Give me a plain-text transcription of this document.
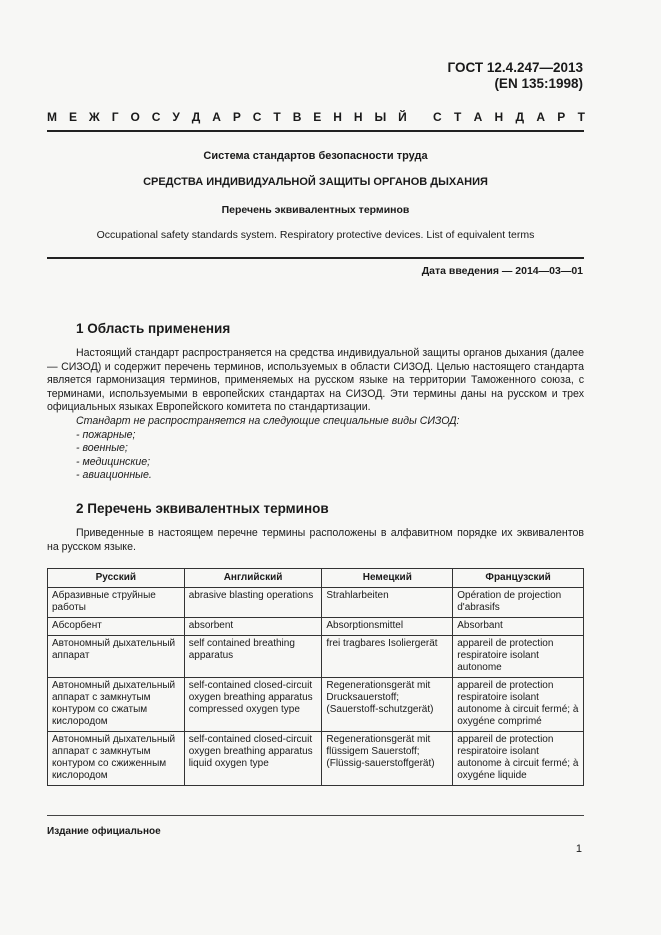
ГОСТ 12.4.247—2013
(EN 135:1998)
М Е Ж Г О С У Д А Р С Т В Е Н Н Ы Й С Т А Н Д А Р Т
Система стандартов безопасности труда
СРЕДСТВА ИНДИВИДУАЛЬНОЙ ЗАЩИТЫ ОРГАНОВ ДЫХАНИЯ
Перечень эквивалентных терминов
Occupational safety standards system. Respiratory protective devices. List of equivalent terms
Дата введения — 2014—03—01
1 Область применения

Настоящий стандарт распространяется на средства индивидуальной защиты органов дыхания (далее — СИЗОД) и содержит перечень терминов, используемых в области СИЗОД. Целью настоящего стандарта является гармонизация терминов, применяемых на русском языке на территории Таможенного союза, с терминами, используемыми в европейских стандартах на СИЗОД. Эти термины даны на русском и трех официальных языках Европейского комитета по стандартизации.

Стандарт не распространяется на следующие специальные виды СИЗОД:

- пожарные;

- военные;

- медицинские;

- авиационные.

2 Перечень эквивалентных терминов

Приведенные в настоящем перечне термины расположены в алфавитном порядке их эквивалентов на русском языке.

Русский	Английский	Немецкий	Французский
Абразивные струйные работы	abrasive blasting operations	Strahlarbeiten	Opération de projection d'abrasifs
Абсорбент	absorbent	Absorptionsmittel	Absorbant
Автономный дыхательный аппарат	self contained breathing apparatus	frei tragbares Isoliergerät	appareil de protection respiratoire isolant autonome
Автономный дыхательный аппарат с замкнутым контуром со сжатым кислородом	self-contained closed-circuit oxygen breathing apparatus compressed oxygen type	Regenerationsgerät mit Drucksauerstoff; (Sauerstoff-schutzgerät)	appareil de protection respiratoire isolant autonome à circuit fermé; à oxygéne comprimé
Автономный дыхательный аппарат с замкнутым контуром со сжиженным кислородом	self-contained closed-circuit oxygen breathing apparatus liquid oxygen type	Regenerationsgerät mit flüssigem Sauerstoff; (Flüssig-sauerstoffgerät)	appareil de protection respiratoire isolant autonome à circuit fermé; à oxygéne liquide
Издание официальное
1
